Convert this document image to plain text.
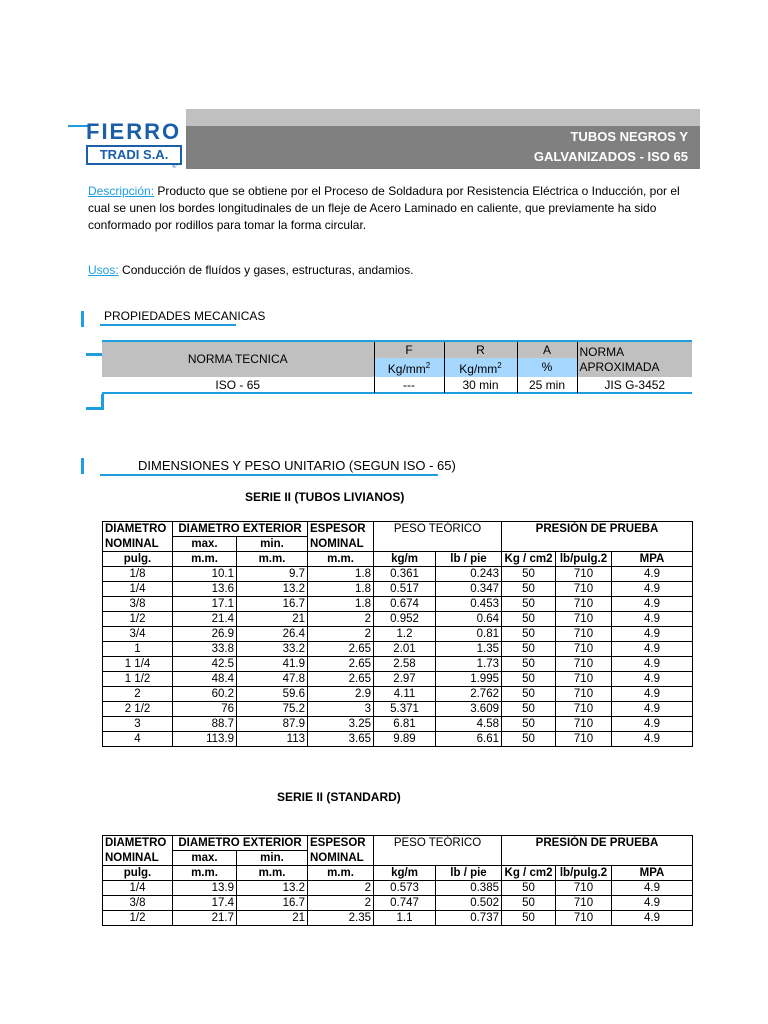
FIERRO
TRADI S.A.
®
TUBOS NEGROS Y
GALVANIZADOS - ISO 65
Descripción: Producto que se obtiene por el Proceso de Soldadura por Resistencia Eléctrica o Inducción, por el cual se unen los bordes longitudinales de un fleje de Acero Laminado en caliente, que previamente ha sido conformado por rodillos para tomar la forma circular.
Usos: Conducción de fluídos y gases, estructuras, andamios.
PROPIEDADES MECANICAS
NORMA TECNICA	F	R	A	NORMA
APROXIMADA

	$Kg/mm^2$	$Kg/mm^2$	%	
ISO - 65	---	30 min	25 min	JIS G-3452
DIMENSIONES Y PESO UNITARIO (SEGUN ISO - 65)
SERIE II (TUBOS LIVIANOS)
DIAMETRO	DIAMETRO EXTERIOR		ESPESOR	PESO TEÓRICO		PRESIÓN DE PRUEBA		
NOMINAL	max.	min.	NOMINAL					
pulg.	m.m.	m.m.	m.m.	kg/m	lb / pie	Kg / cm2	lb/pulg.2	MPA
1/8	10.1	9.7	1.8	0.361	0.243	50	710	4.9
1/4	13.6	13.2	1.8	0.517	0.347	50	710	4.9
3/8	17.1	16.7	1.8	0.674	0.453	50	710	4.9
1/2	21.4	21	2	0.952	0.64	50	710	4.9
3/4	26.9	26.4	2	1.2	0.81	50	710	4.9
1	33.8	33.2	2.65	2.01	1.35	50	710	4.9
1 1/4	42.5	41.9	2.65	2.58	1.73	50	710	4.9
1 1/2	48.4	47.8	2.65	2.97	1.995	50	710	4.9
2	60.2	59.6	2.9	4.11	2.762	50	710	4.9
2 1/2	76	75.2	3	5.371	3.609	50	710	4.9
3	88.7	87.9	3.25	6.81	4.58	50	710	4.9
4	113.9	113	3.65	9.89	6.61	50	710	4.9
SERIE II (STANDARD)
DIAMETRO	DIAMETRO EXTERIOR		ESPESOR	PESO TEÓRICO		PRESIÓN DE PRUEBA		
NOMINAL	max.	min.	NOMINAL					
pulg.	m.m.	m.m.	m.m.	kg/m	lb / pie	Kg / cm2	lb/pulg.2	MPA
1/4	13.9	13.2	2	0.573	0.385	50	710	4.9
3/8	17.4	16.7	2	0.747	0.502	50	710	4.9
1/2	21.7	21	2.35	1.1	0.737	50	710	4.9
